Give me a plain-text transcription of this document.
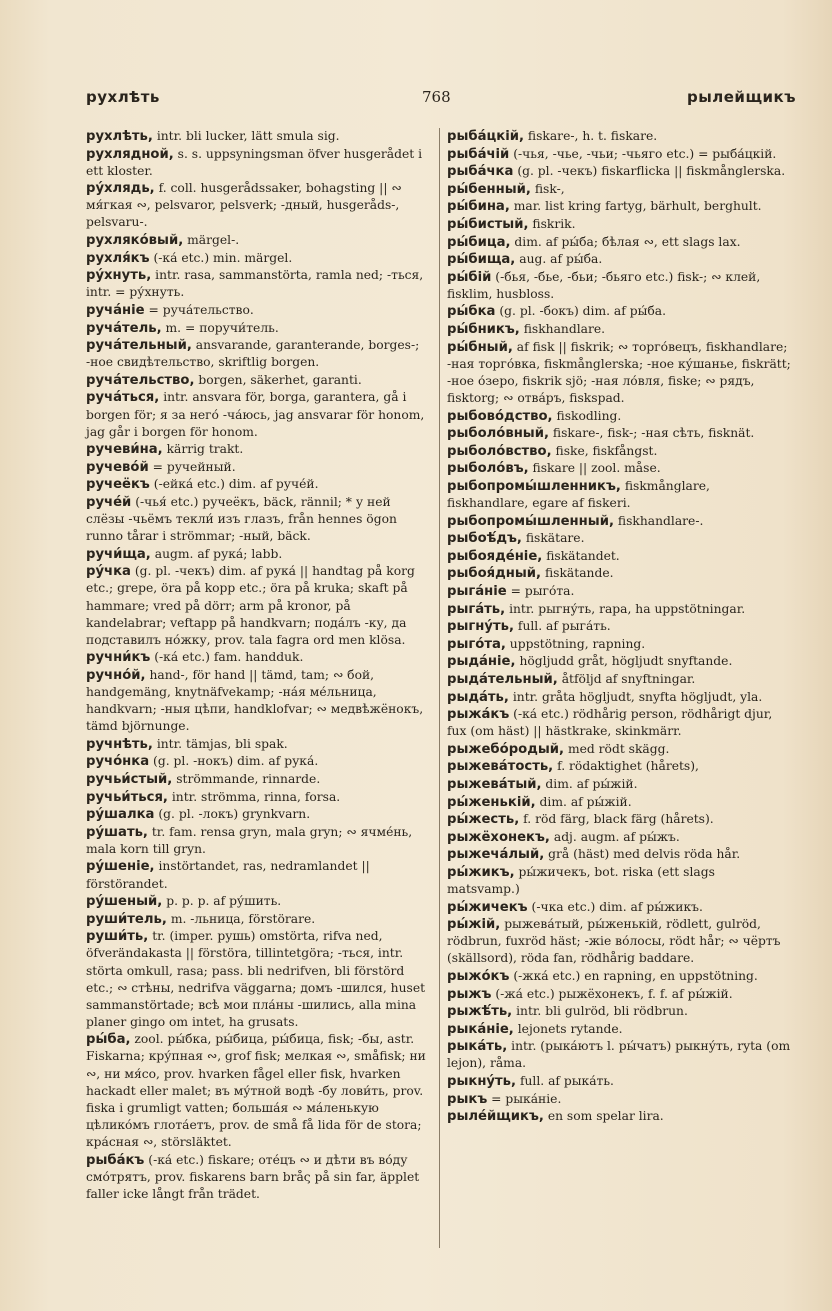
рухлѣть	768	рылейщикъ
рухлѣть, intr. bli lucker, lätt smula sig.
рухлядной, s. s. uppsyningsman öfver husgerådet i ett kloster.
ру́хлядь, f. coll. husgerådssaker, bohagsting || ∾ мя́гкая ∾, pelsvaror, pelsverk; -дный, husgeråds-, pelsvaru-.
рухляко́вый, märgel-.
рухля́къ (-ка́ etc.) min. märgel.
ру́хнуть, intr. rasa, sammanstörta, ramla ned; -ться, intr. = ру́хнуть.
руча́ніе = руча́тельство.
руча́тель, m. = поручи́тель.
руча́тельный, ansvarande, garanterande, borges-; -ное свидѣтельство, skriftlig borgen.
руча́тельство, borgen, säkerhet, garanti.
руча́ться, intr. ansvara för, borga, garantera, gå i borgen för; я за него́ -ча́юсь, jag ansvarar för honom, jag går i borgen för honom.
ручеви́на, kärrig trakt.
ручево́й = ручейный.
ручеёкъ (-ейка́ etc.) dim. af руче́й.
руче́й (-чья́ etc.) ручеёкъ, bäck, rännil; * у ней слёзы -чьёмъ текли́ изъ глазъ, från hennes ögon runno tårar i strömmar; -ный, bäck.
ручи́ща, augm. af рука́; labb.
ру́чка (g. pl. -чекъ) dim. af рука́ || handtag på korg etc.; grepe, öra på kopp etc.; öra på kruka; skaft på hammare; vred på dörr; arm på kronor, på kandelabrar; veftapp på handkvarn; подáлъ -ку, да подставилъ но́жку, prov. tala fagra ord men klösa.
ручни́къ (-ка́ etc.) fam. handduk.
ручно́й, hand-, för hand || tämd, tam; ∾ бой, handgemäng, knytnäfvekamp; -на́я ме́льница, handkvarn; -ныя цѣпи, handklofvar; ∾ медвѣжёнокъ, tämd björnunge.
ручнѣть, intr. tämjas, bli spak.
ручо́нка (g. pl. -нокъ) dim. af рука́.
ручьи́стый, strömmande, rinnarde.
ручьи́ться, intr. strömma, rinna, forsa.
ру́шалка (g. pl. -локъ) grynkvarn.
ру́шать, tr. fam. rensa gryn, mala gryn; ∾ ячме́нь, mala korn till gryn.
ру́шеніе, instörtandet, ras, nedramlandet || förstörandet.
ру́шеный, p. p. p. af ру́шить.
руши́тель, m. -льница, förstörare.
руши́ть, tr. (imper. рушь) omstörta, rifva ned, öfverändakasta || förstöra, tillintetgöra; -ться, intr. störta omkull, rasa; pass. bli nedrifven, bli förstörd etc.; ∾ стѣны, nedrifva väggarna; домъ -шился, huset sammanstörtade; всѣ мои пла́ны -шились, alla mina planer gingo om intet, ha grusats.
ры́ба, zool. ры́бка, ры́бица, ры́бица, fisk; -бы, astr. Fiskarna; кру́пная ∾, grof fisk; мелкая ∾, småfisk; ни ∾, ни мя́со, prov. hvarken fågel eller fisk, hvarken hackadt eller malet; въ му́тной водѣ -бу лови́ть, prov. fiska i grumligt vatten; больша́я ∾ ма́ленькую цѣлико́мъ глота́етъ, prov. de små få lida för de stora; кра́сная ∾, störsläktet.
рыба́къ (-ка́ etc.) fiskare; оте́цъ ∾ и дѣти въ во́ду смо́трятъ, prov. fiskarens barn bråς på sin far, äpplet faller icke långt från trädet.
рыба́цкій, fiskare-, h. t. fiskare.
рыба́чій (-чья, -чье, -чьи; -чьяго etc.) = рыба́цкій.
рыба́чка (g. pl. -чекъ) fiskarflicka || fiskmånglerska.
ры́бенный, fisk-,
ры́бина, mar. list kring fartyg, bärhult, berghult.
ры́бистый, fiskrik.
ры́бица, dim. af ры́ба; бѣлая ∾, ett slags lax.
ры́бища, aug. af ры́ба.
ры́бій (-бья, -бье, -бьи; -бьяго etc.) fisk-; ∾ клей, fisklim, husbloss.
ры́бка (g. pl. -бокъ) dim. af ры́ба.
ры́бникъ, fiskhandlare.
ры́бный, af fisk || fiskrik; ∾ торго́вецъ, fiskhandlare; -ная торго́вка, fiskmånglerska; -ное ку́шанье, fiskrätt; -ное о́зеро, fiskrik sjö; -ная ло́вля, fiske; ∾ рядъ, fisktorg; ∾ отва́ръ, fiskspad.
рыбово́дство, fiskodling.
рыболо́вный, fiskare-, fisk-; -ная сѣть, fisknät.
рыболо́вство, fiske, fiskfångst.
рыболо́въ, fiskare || zool. måse.
рыбопромы́шленникъ, fiskmånglare, fiskhandlare, egare af fiskeri.
рыбопромы́шленный, fiskhandlare-.
рыбоѣ́дъ, fiskätare.
рыбояде́ніе, fiskätandet.
рыбоя́дный, fiskätande.
рыга́ніе = рыго́та.
рыга́ть, intr. рыгну́ть, rapa, ha uppstötningar.
рыгну́ть, full. af рыга́ть.
рыго́та, uppstötning, rapning.
рыда́ніе, högljudd gråt, högljudt snyftande.
рыда́тельный, åtföljd af snyftningar.
рыда́ть, intr. gråta högljudt, snyfta högljudt, yla.
рыжа́къ (-ка́ etc.) rödhårig person, rödhårigt djur, fux (om häst) || hästkrake, skinkmärr.
рыжебо́родый, med rödt skägg.
рыжева́тость, f. rödaktighet (hårets),
рыжева́тый, dim. af ры́жій.
ры́женькій, dim. af ры́жій.
ры́жесть, f. röd färg, black färg (hårets).
рыжёхонекъ, adj. augm. af ры́жъ.
рыжеча́лый, grå (häst) med delvis röda hår.
ры́жикъ, ры́жичекъ, bot. riska (ett slags matsvamp.)
ры́жичекъ (-чка etc.) dim. af ры́жикъ.
ры́жій, рыжева́тый, ры́женькій, rödlett, gulröd, rödbrun, fuxröd häst; -жіе во́лосы, rödt hår; ∾ чёртъ (skällsord), röda fan, rödhårig baddare.
рыжо́къ (-жка́ etc.) en rapning, en uppstötning.
рыжъ (-жа́ etc.) рыжёхонекъ, f. f. af ры́жій.
рыжѣ́ть, intr. bli gulröd, bli rödbrun.
рыка́ніе, lejonets rytande.
рыка́ть, intr. (рыка́ютъ l. ры́чатъ) рыкну́ть, ryta (om lejon), råma.
рыкну́ть, full. af рыка́ть.
рыкъ = рыка́ніе.
рыле́йщикъ, en som spelar lira.
